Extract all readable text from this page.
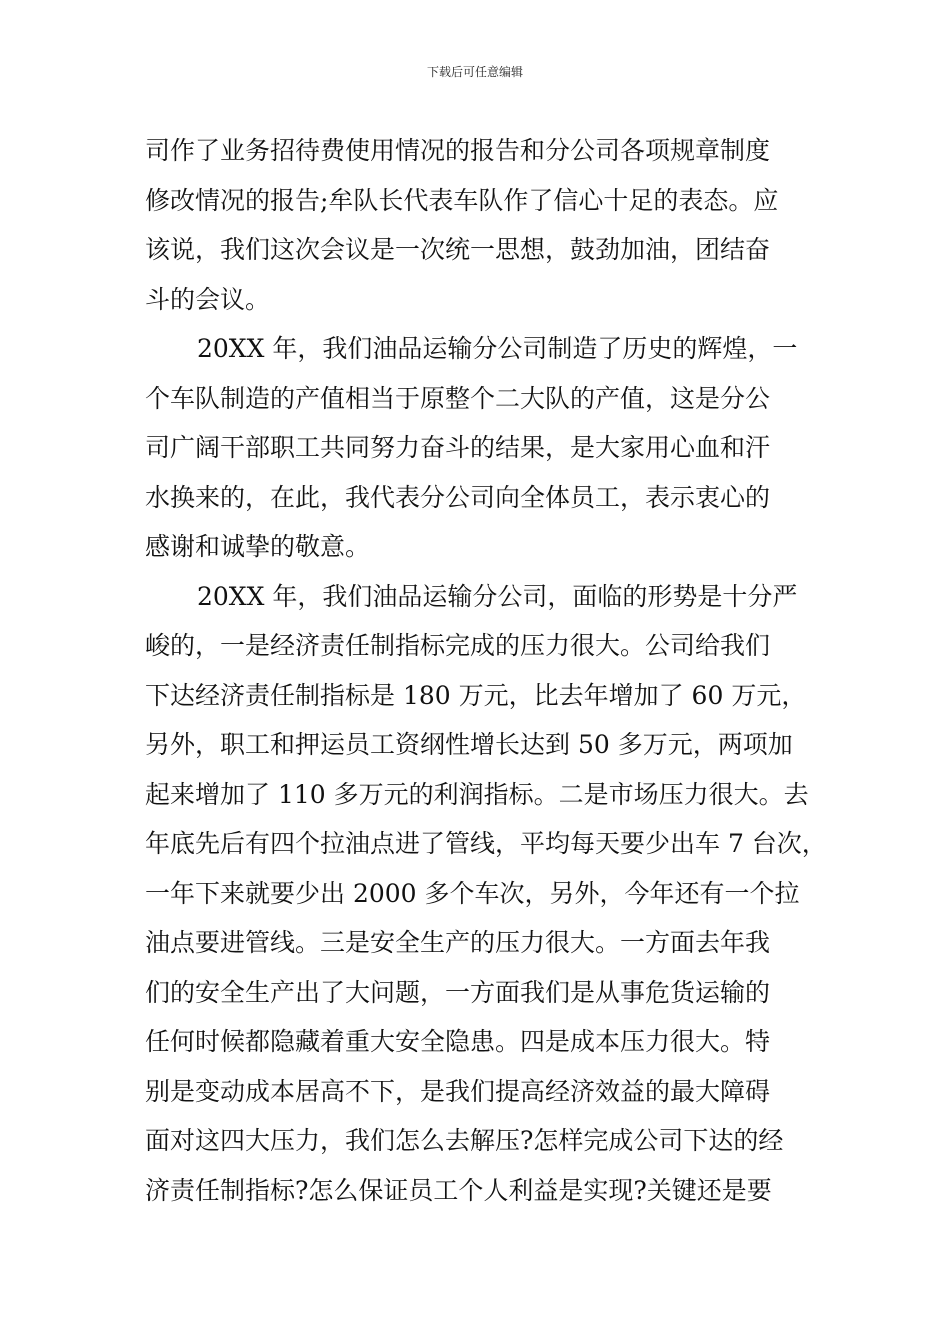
下载后可任意编辑
司作了业务招待费使用情况的报告和分公司各项规章制度
修改情况的报告;牟队长代表车队作了信心十足的表态。应
该说，我们这次会议是一次统一思想，鼓劲加油，团结奋
斗的会议。
20XX 年，我们油品运输分公司制造了历史的辉煌，一
个车队制造的产值相当于原整个二大队的产值，这是分公
司广阔干部职工共同努力奋斗的结果，是大家用心血和汗
水换来的，在此，我代表分公司向全体员工，表示衷心的
感谢和诚挚的敬意。
20XX 年，我们油品运输分公司，面临的形势是十分严
峻的，一是经济责任制指标完成的压力很大。公司给我们
下达经济责任制指标是 180 万元，比去年增加了 60 万元，
另外，职工和押运员工资纲性增长达到 50 多万元，两项加
起来增加了 110 多万元的利润指标。二是市场压力很大。去
年底先后有四个拉油点进了管线，平均每天要少出车 7 台次，
一年下来就要少出 2000 多个车次，另外，今年还有一个拉
油点要进管线。三是安全生产的压力很大。一方面去年我
们的安全生产出了大问题，一方面我们是从事危货运输的
任何时候都隐藏着重大安全隐患。四是成本压力很大。特
别是变动成本居高不下，是我们提高经济效益的最大障碍
面对这四大压力，我们怎么去解压?怎样完成公司下达的经
济责任制指标?怎么保证员工个人利益是实现?关键还是要
